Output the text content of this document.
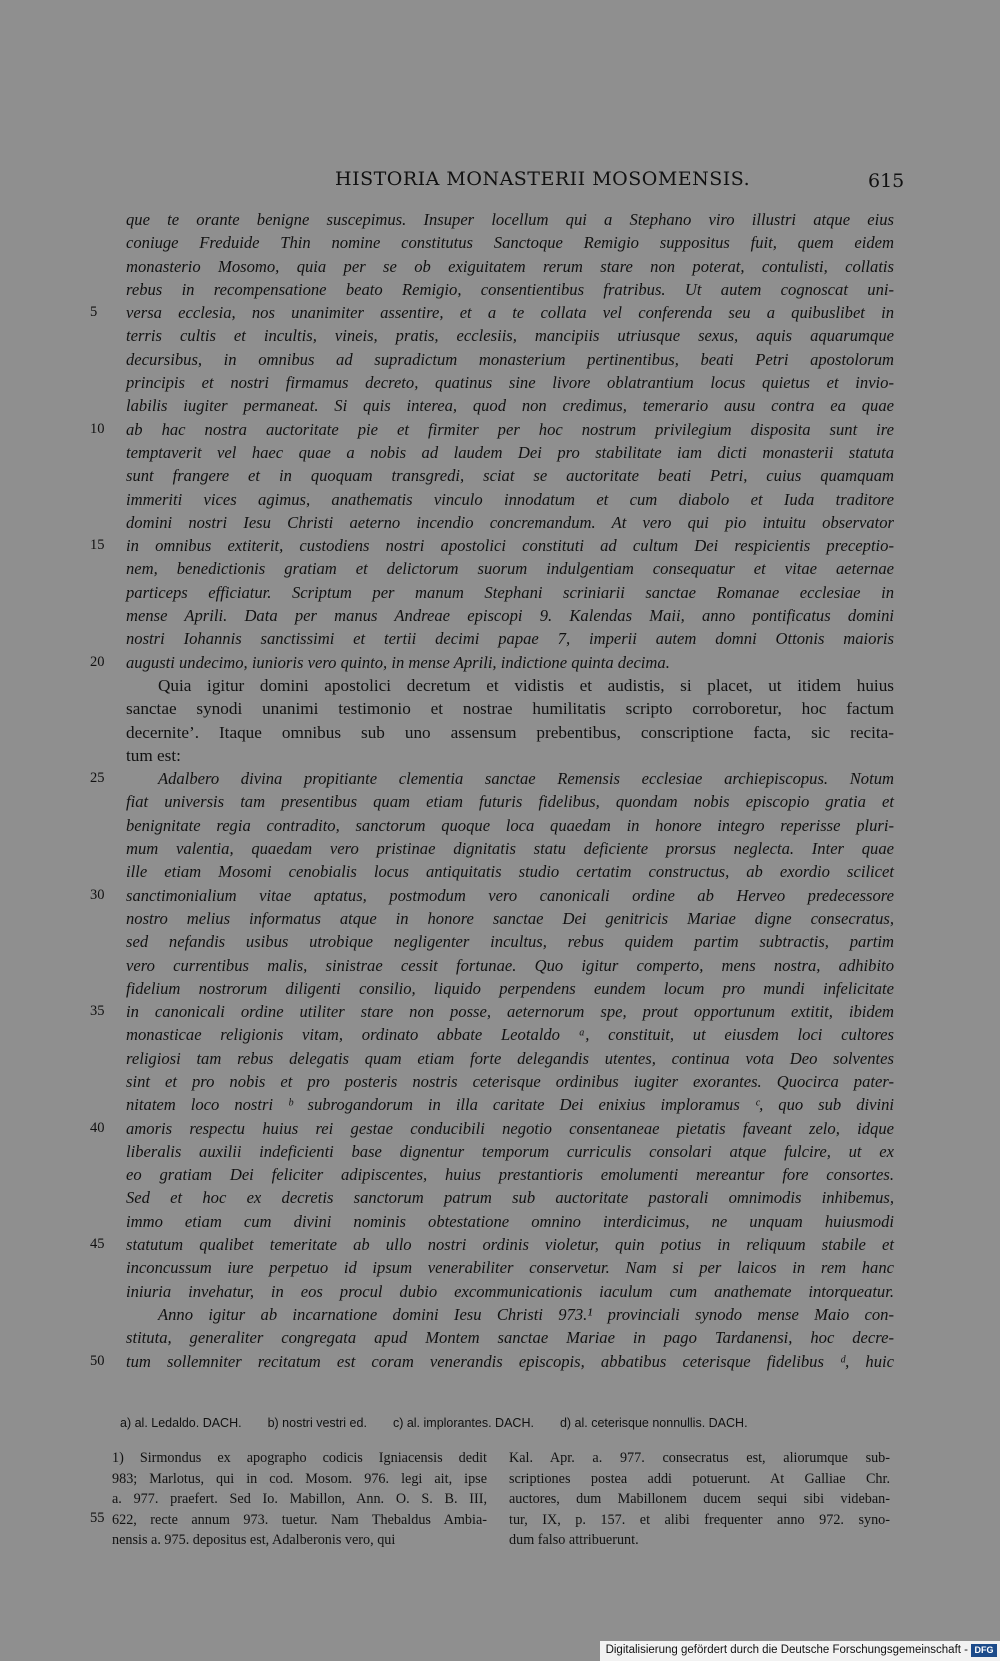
HISTORIA MONASTERII MOSOMENSIS.	615
que te orante benigne suscepimus. Insuper locellum qui a Stephano viro illustri atque eius
coniuge Freduide Thin nomine constitutus Sanctoque Remigio suppositus fuit, quem eidem
monasterio Mosomo, quia per se ob exiguitatem rerum stare non poterat, contulisti, collatis
rebus in recompensatione beato Remigio, consentientibus fratribus. Ut autem cognoscat uni-
5	versa ecclesia, nos unanimiter assentire, et a te collata vel conferenda seu a quibuslibet in
terris cultis et incultis, vineis, pratis, ecclesiis, mancipiis utriusque sexus, aquis aquarumque
decursibus, in omnibus ad supradictum monasterium pertinentibus, beati Petri apostolorum
principis et nostri firmamus decreto, quatinus sine livore oblatrantium locus quietus et inviо-
labilis iugiter permaneat. Si quis interea, quod non credimus, temerario ausu contra ea quae
10	ab hac nostra auctoritate pie et firmiter per hoc nostrum privilegium disposita sunt ire
temptaverit vel haec quae a nobis ad laudem Dei pro stabilitate iam dicti monasterii statuta
sunt frangere et in quoquam transgredi, sciat se auctoritate beati Petri, cuius quamquam
immeriti vices agimus, anathematis vinculo innodatum et cum diabolo et Iuda traditore
domini nostri Iesu Christi aeterno incendio concremandum. At vero qui pio intuitu observator
15	in omnibus extiterit, custodiens nostri apostolici constituti ad cultum Dei respicientis preceptio-
nem, benedictionis gratiam et delictorum suorum indulgentiam consequatur et vitae aeternae
particeps efficiatur. Scriptum per manum Stephani scriniarii sanctae Romanae ecclesiae in
mense Aprili. Data per manus Andreae episcopi 9. Kalendas Maii, anno pontificatus domini
nostri Iohannis sanctissimi et tertii decimi papae 7, imperii autem domni Ottonis maioris
20	augusti undecimo, iunioris vero quinto, in mense Aprili, indictione quinta decima.
Quia igitur domini apostolici decretum et vidistis et audistis, si placet, ut itidem huius
sanctae synodi unanimi testimonio et nostrae humilitatis scripto corroboretur, hoc factum
decernite’. Itaque omnibus sub uno assensum prebentibus, conscriptione facta, sic recita-
tum est:
25	Adalbero divina propitiante clementia sanctae Remensis ecclesiae archiepiscopus. Notum
fiat universis tam presentibus quam etiam futuris fidelibus, quondam nobis episcopio gratia et
benignitate regia contradito, sanctorum quoque loca quaedam in honore integro reperisse pluri-
mum valentia, quaedam vero pristinae dignitatis statu deficiente prorsus neglecta. Inter quae
ille etiam Mosomi cenobialis locus antiquitatis studio certatim constructus, ab exordio scilicet
30	sanctimonialium vitae aptatus, postmodum vero canonicali ordine ab Herveo predecessore
nostro melius informatus atque in honore sanctae Dei genitricis Mariae digne consecratus,
sed nefandis usibus utrobique negligenter incultus, rebus quidem partim subtractis, partim
vero currentibus malis, sinistrae cessit fortunae. Quo igitur comperto, mens nostra, adhibito
fidelium nostrorum diligenti consilio, liquido perpendens eundem locum pro mundi infelicitate
35	in canonicali ordine utiliter stare non posse, aeternorum spe, prout opportunum extitit, ibidem
monasticae religionis vitam, ordinato abbate Leotaldo ᵃ, constituit, ut eiusdem loci cultores
religiosi tam rebus delegatis quam etiam forte delegandis utentes, continua vota Deo solventes
sint et pro nobis et pro posteris nostris ceterisque ordinibus iugiter exorantes. Quocirca pater-
nitatem loco nostri ᵇ subrogandorum in illa caritate Dei enixius imploramus ᶜ, quo sub divini
40	amoris respectu huius rei gestae conducibili negotio consentaneae pietatis faveant zelo, idque
liberalis auxilii indeficienti base dignentur temporum curriculis consolari atque fulcire, ut ex
eo gratiam Dei feliciter adipiscentes, huius prestantioris emolumenti mereantur fore consortes.
Sed et hoc ex decretis sanctorum patrum sub auctoritate pastorali omnimodis inhibemus,
immo etiam cum divini nominis obtestatione omnino interdicimus, ne unquam huiusmodi
45	statutum qualibet temeritate ab ullo nostri ordinis violetur, quin potius in reliquum stabile et
inconcussum iure perpetuo id ipsum venerabiliter conservetur. Nam si per laicos in rem hanc
iniuria invehatur, in eos procul dubio excommunicationis iaculum cum anathemate intorqueatur.
Anno igitur ab incarnatione domini Iesu Christi 973.¹ provinciali synodo mense Maio con-
stituta, generaliter congregata apud Montem sanctae Mariae in pago Tardanensi, hoc decre-
50	tum sollemniter recitatum est coram venerandis episcopis, abbatibus ceterisque fidelibus ᵈ, huic
a) al. Ledaldo. DACH. b) nostri vestri ed. c) al. implorantes. DACH. d) al. ceterisque nonnullis. DACH.
55
1) Sirmondus ex apographo codicis Igniacensis dedit
983; Marlotus, qui in cod. Mosom. 976. legi ait, ipse
a. 977. praefert. Sed Io. Mabillon, Ann. O. S. B. III,
622, recte annum 973. tuetur. Nam Thebaldus Ambia-
nensis a. 975. depositus est, Adalberonis vero, qui
Kal. Apr. a. 977. consecratus est, aliorumque sub-
scriptiones postea addi potuerunt. At Galliae Chr.
auctores, dum Mabillonem ducem sequi sibi videban-
tur, IX, p. 157. et alibi frequenter anno 972. syno-
dum falso attribuerunt.
Digitalisierung gefördert durch die Deutsche Forschungsgemeinschaft - DFG
